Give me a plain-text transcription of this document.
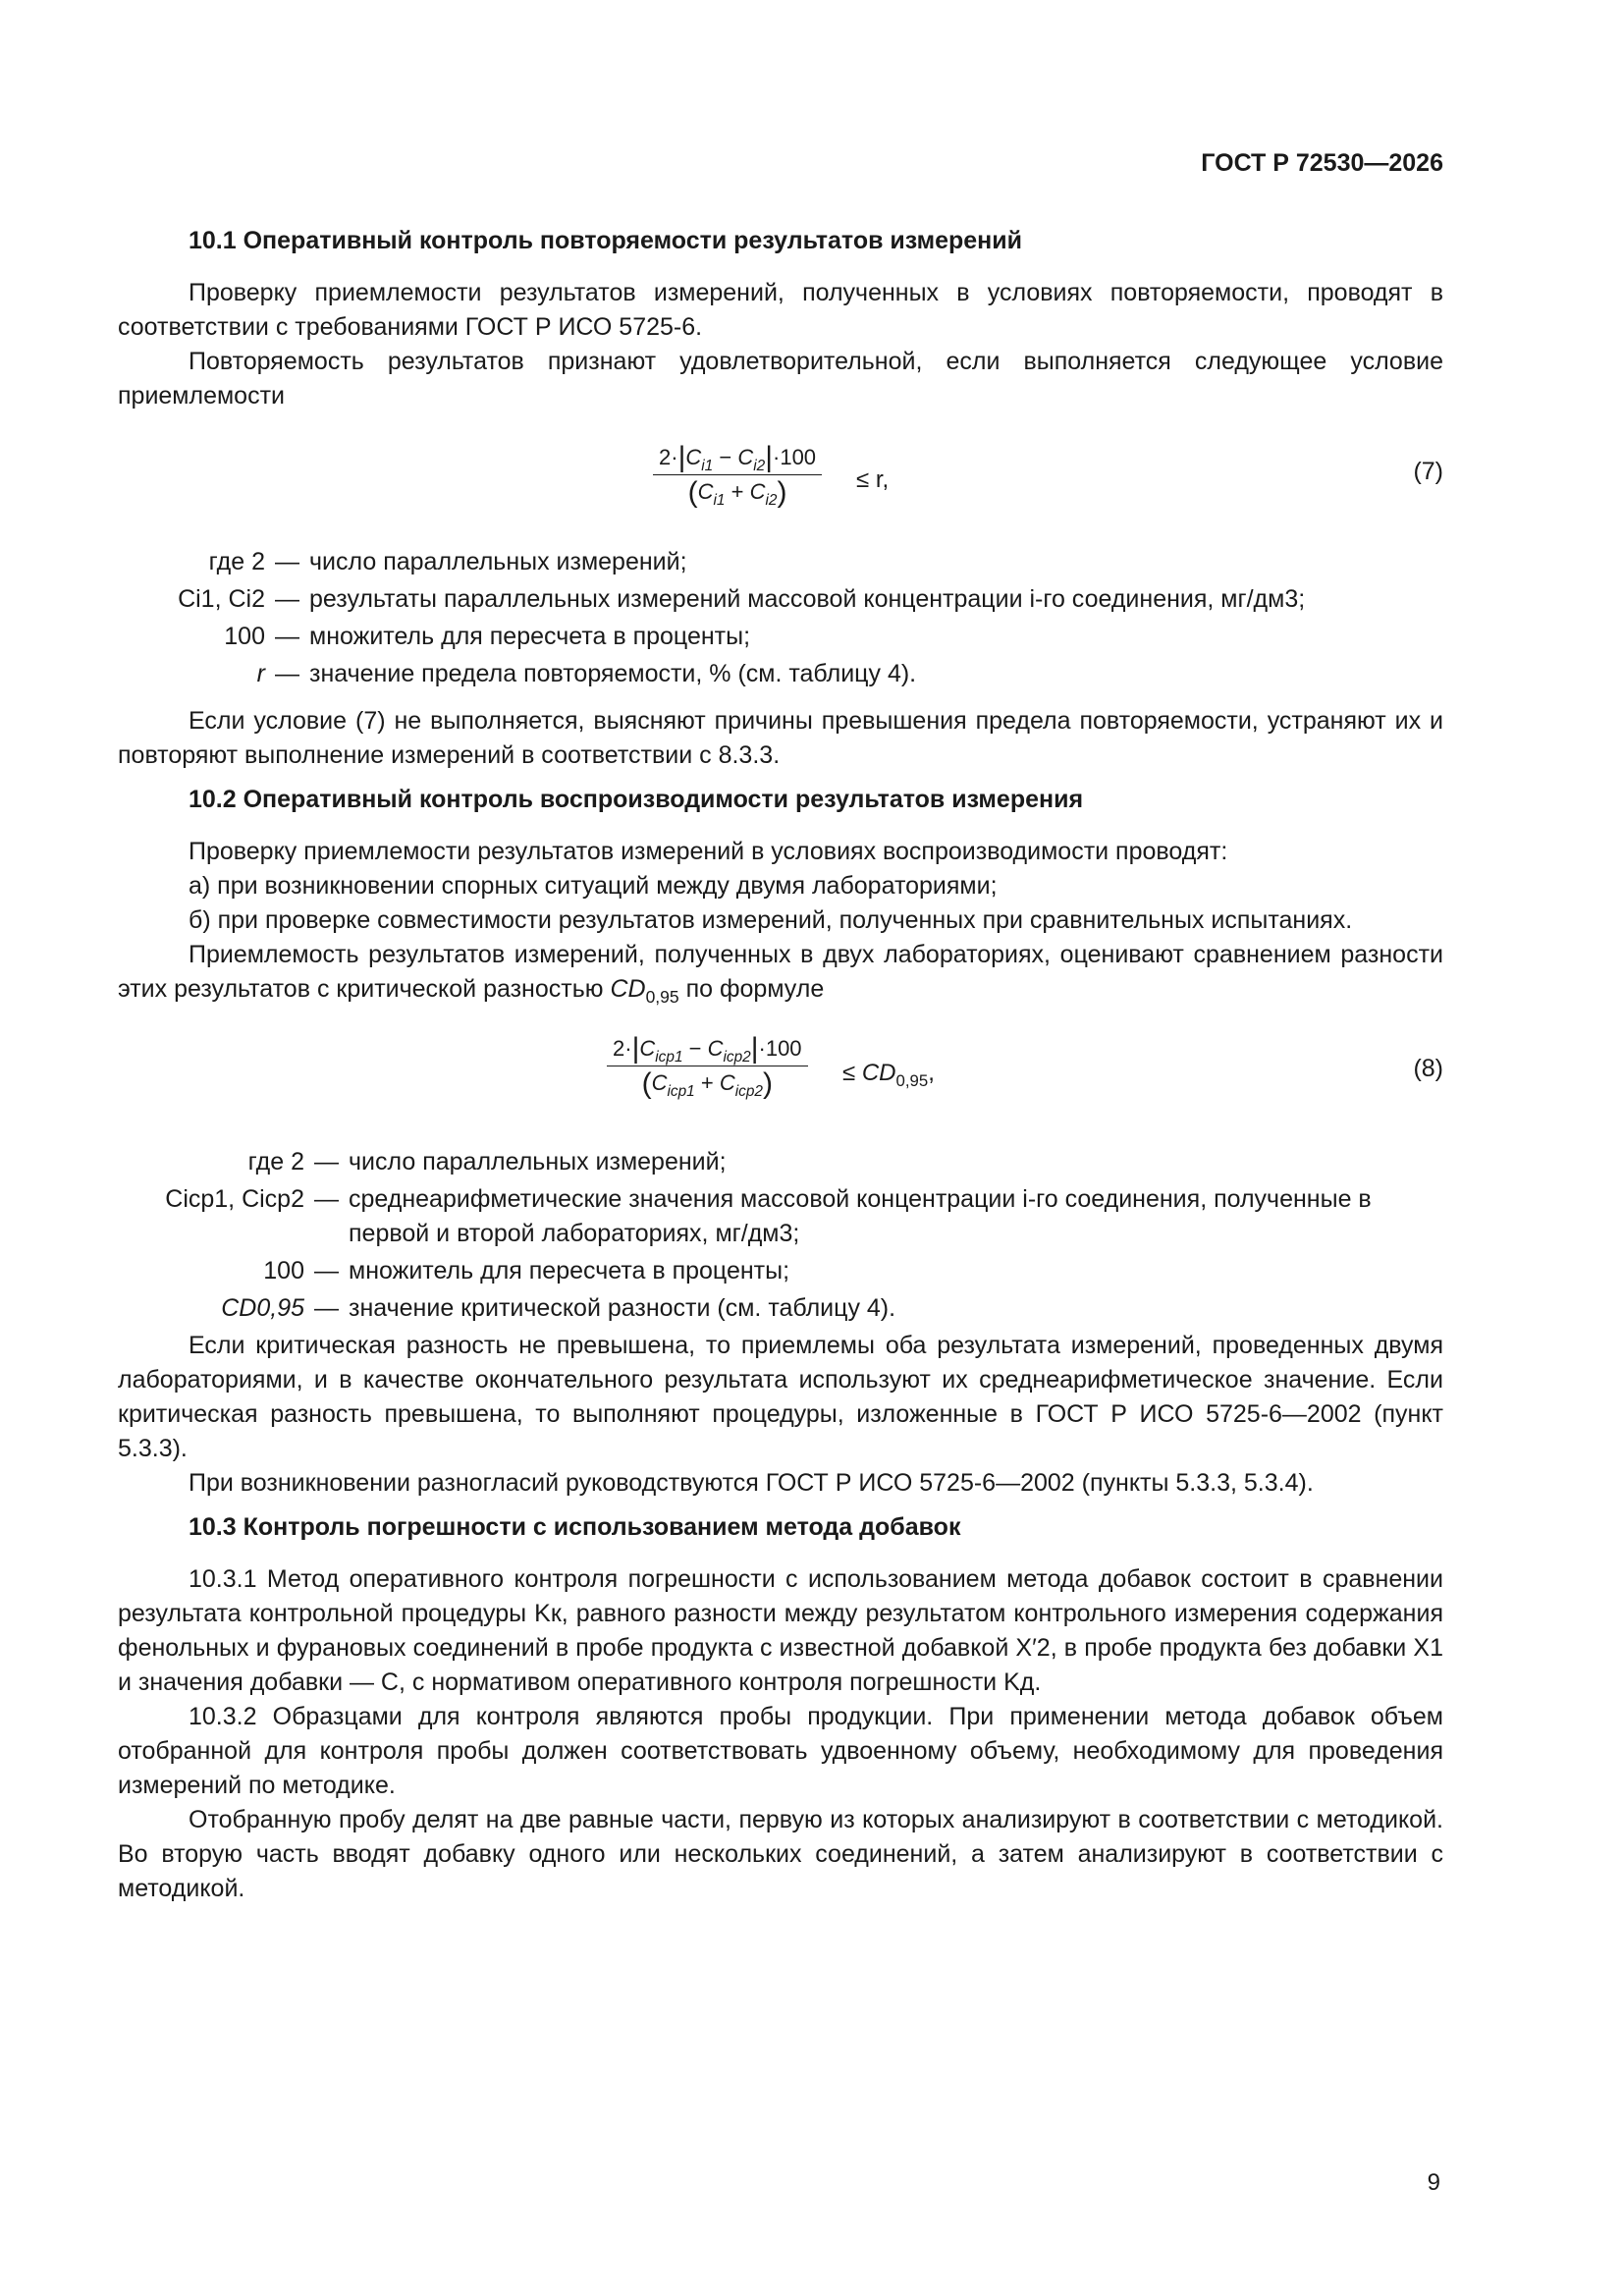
ГОСТ Р 72530—2026
10.1 Оперативный контроль повторяемости результатов измерений

Проверку приемлемости результатов измерений, полученных в условиях повторяемости, проводят в соответствии с требованиями ГОСТ Р ИСО 5725-6.

Повторяемость результатов признают удовлетворительной, если выполняется следующее условие приемлемости

$\frac{2\cdot|C_{i1} - C_{i2}|\cdot 100}{(C_{i1} + C_{i2})} \le r$,	(7)
где 2 — число параллельных измерений;
Ci1, Ci2 — результаты параллельных измерений массовой концентрации i-го соединения, мг/дм3;
100 — множитель для пересчета в проценты;
r — значение предела повторяемости, % (см. таблицу 4).

Если условие (7) не выполняется, выясняют причины превышения предела повторяемости, устраняют их и повторяют выполнение измерений в соответствии с 8.3.3.

10.2 Оперативный контроль воспроизводимости результатов измерения

Проверку приемлемости результатов измерений в условиях воспроизводимости проводят:

а) при возникновении спорных ситуаций между двумя лабораториями;

б) при проверке совместимости результатов измерений, полученных при сравнительных испытаниях.

Приемлемость результатов измерений, полученных в двух лабораториях, оценивают сравнением разности этих результатов с критической разностью $CD_{0,95}$ по формуле

$2\cdot|C_{iср1} - C_{iср2}|\cdot 100$
$(C_{iср1} + C_{iср2})$	≤ $CD_{0,95}$,	(8)
где 2 — число параллельных измерений;
Ciср1, Ciср2 — среднеарифметические значения массовой концентрации i-го соединения, полученные в первой и второй лабораториях, мг/дм3;
100 — множитель для пересчета в проценты;
CD0,95 — значение критической разности (см. таблицу 4).

Если критическая разность не превышена, то приемлемы оба результата измерений, проведенных двумя лабораториями, и в качестве окончательного результата используют их среднеарифметическое значение. Если критическая разность превышена, то выполняют процедуры, изложенные в ГОСТ Р ИСО 5725-6—2002 (пункт 5.3.3).

При возникновении разногласий руководствуются ГОСТ Р ИСО 5725-6—2002 (пункты 5.3.3, 5.3.4).

10.3 Контроль погрешности с использованием метода добавок

10.3.1 Метод оперативного контроля погрешности с использованием метода добавок состоит в сравнении результата контрольной процедуры Kк, равного разности между результатом контрольного измерения содержания фенольных и фурановых соединений в пробе продукта с известной добавкой X′2, в пробе продукта без добавки X1 и значения добавки — C, с нормативом оперативного контроля погрешности Kд.

10.3.2 Образцами для контроля являются пробы продукции. При применении метода добавок объем отобранной для контроля пробы должен соответствовать удвоенному объему, необходимому для проведения измерений по методике.

Отобранную пробу делят на две равные части, первую из которых анализируют в соответствии с методикой. Во вторую часть вводят добавку одного или нескольких соединений, а затем анализируют в соответствии с методикой.

9
